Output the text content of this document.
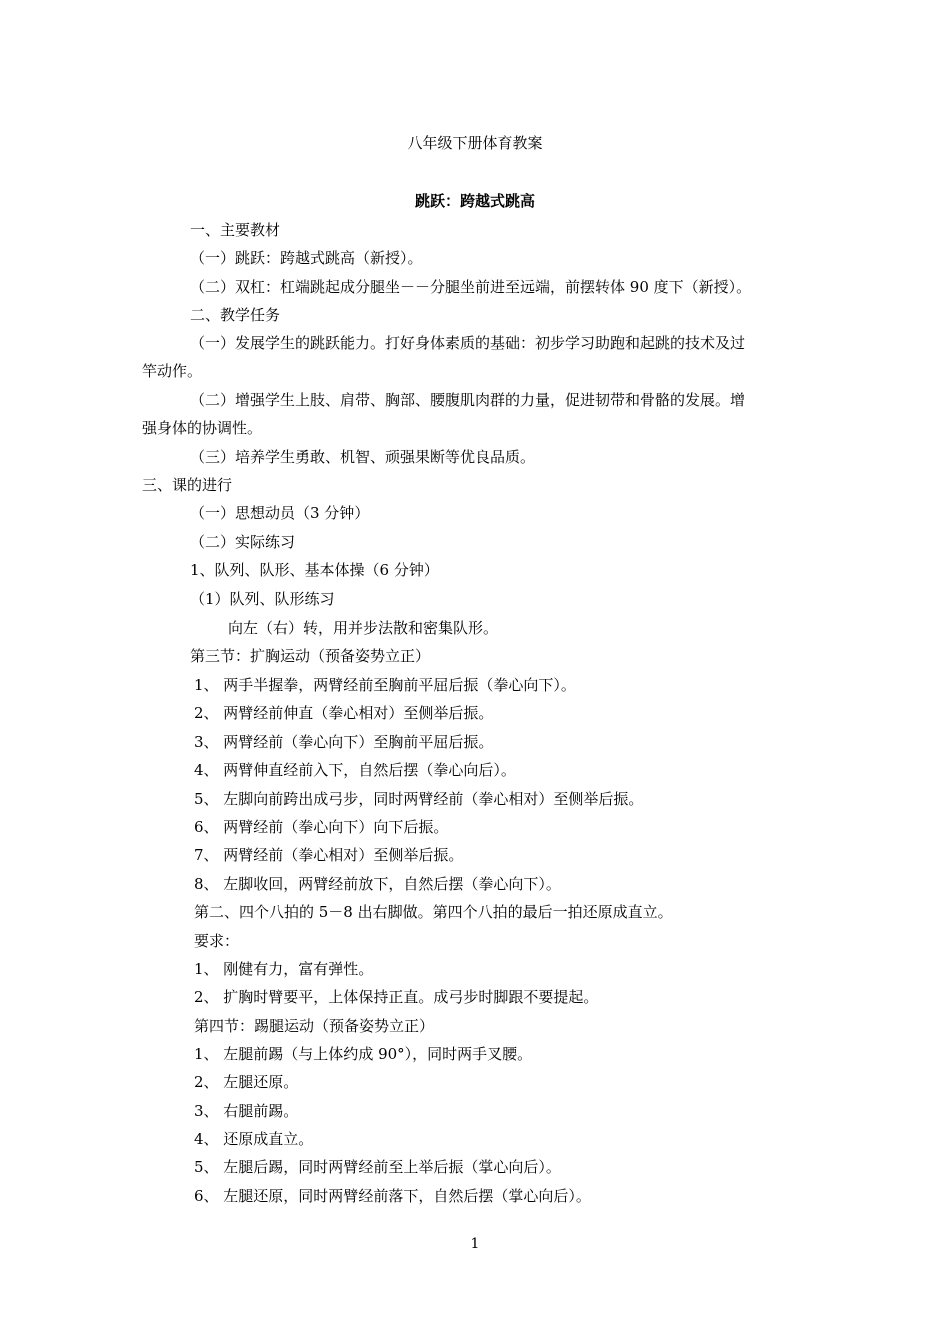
八年级下册体育教案
跳跃：跨越式跳高
一、主要教材
（一）跳跃：跨越式跳高（新授）。
（二）双杠：杠端跳起成分腿坐－－分腿坐前进至远端，前摆转体 90 度下（新授）。
二、教学任务
（一）发展学生的跳跃能力。打好身体素质的基础：初步学习助跑和起跳的技术及过
竿动作。
（二）增强学生上肢、肩带、胸部、腰腹肌肉群的力量，促进韧带和骨骼的发展。增
强身体的协调性。
（三）培养学生勇敢、机智、顽强果断等优良品质。
三、课的进行
（一）思想动员（3 分钟）
（二）实际练习
1、队列、队形、基本体操（6 分钟）
（1）队列、队形练习
向左（右）转，用并步法散和密集队形。
第三节：扩胸运动（预备姿势立正）
1、 两手半握拳，两臂经前至胸前平屈后振（拳心向下）。
2、 两臂经前伸直（拳心相对）至侧举后振。
3、 两臂经前（拳心向下）至胸前平屈后振。
4、 两臂伸直经前入下，自然后摆（拳心向后）。
5、 左脚向前跨出成弓步，同时两臂经前（拳心相对）至侧举后振。
6、 两臂经前（拳心向下）向下后振。
7、 两臂经前（拳心相对）至侧举后振。
8、 左脚收回，两臂经前放下，自然后摆（拳心向下）。
第二、四个八拍的 5－8 出右脚做。第四个八拍的最后一拍还原成直立。
要求：
1、 刚健有力，富有弹性。
2、 扩胸时臂要平，上体保持正直。成弓步时脚跟不要提起。
第四节：踢腿运动（预备姿势立正）
1、 左腿前踢（与上体约成 90°），同时两手叉腰。
2、 左腿还原。
3、 右腿前踢。
4、 还原成直立。
5、 左腿后踢，同时两臂经前至上举后振（掌心向后）。
6、 左腿还原，同时两臂经前落下，自然后摆（掌心向后）。
1
